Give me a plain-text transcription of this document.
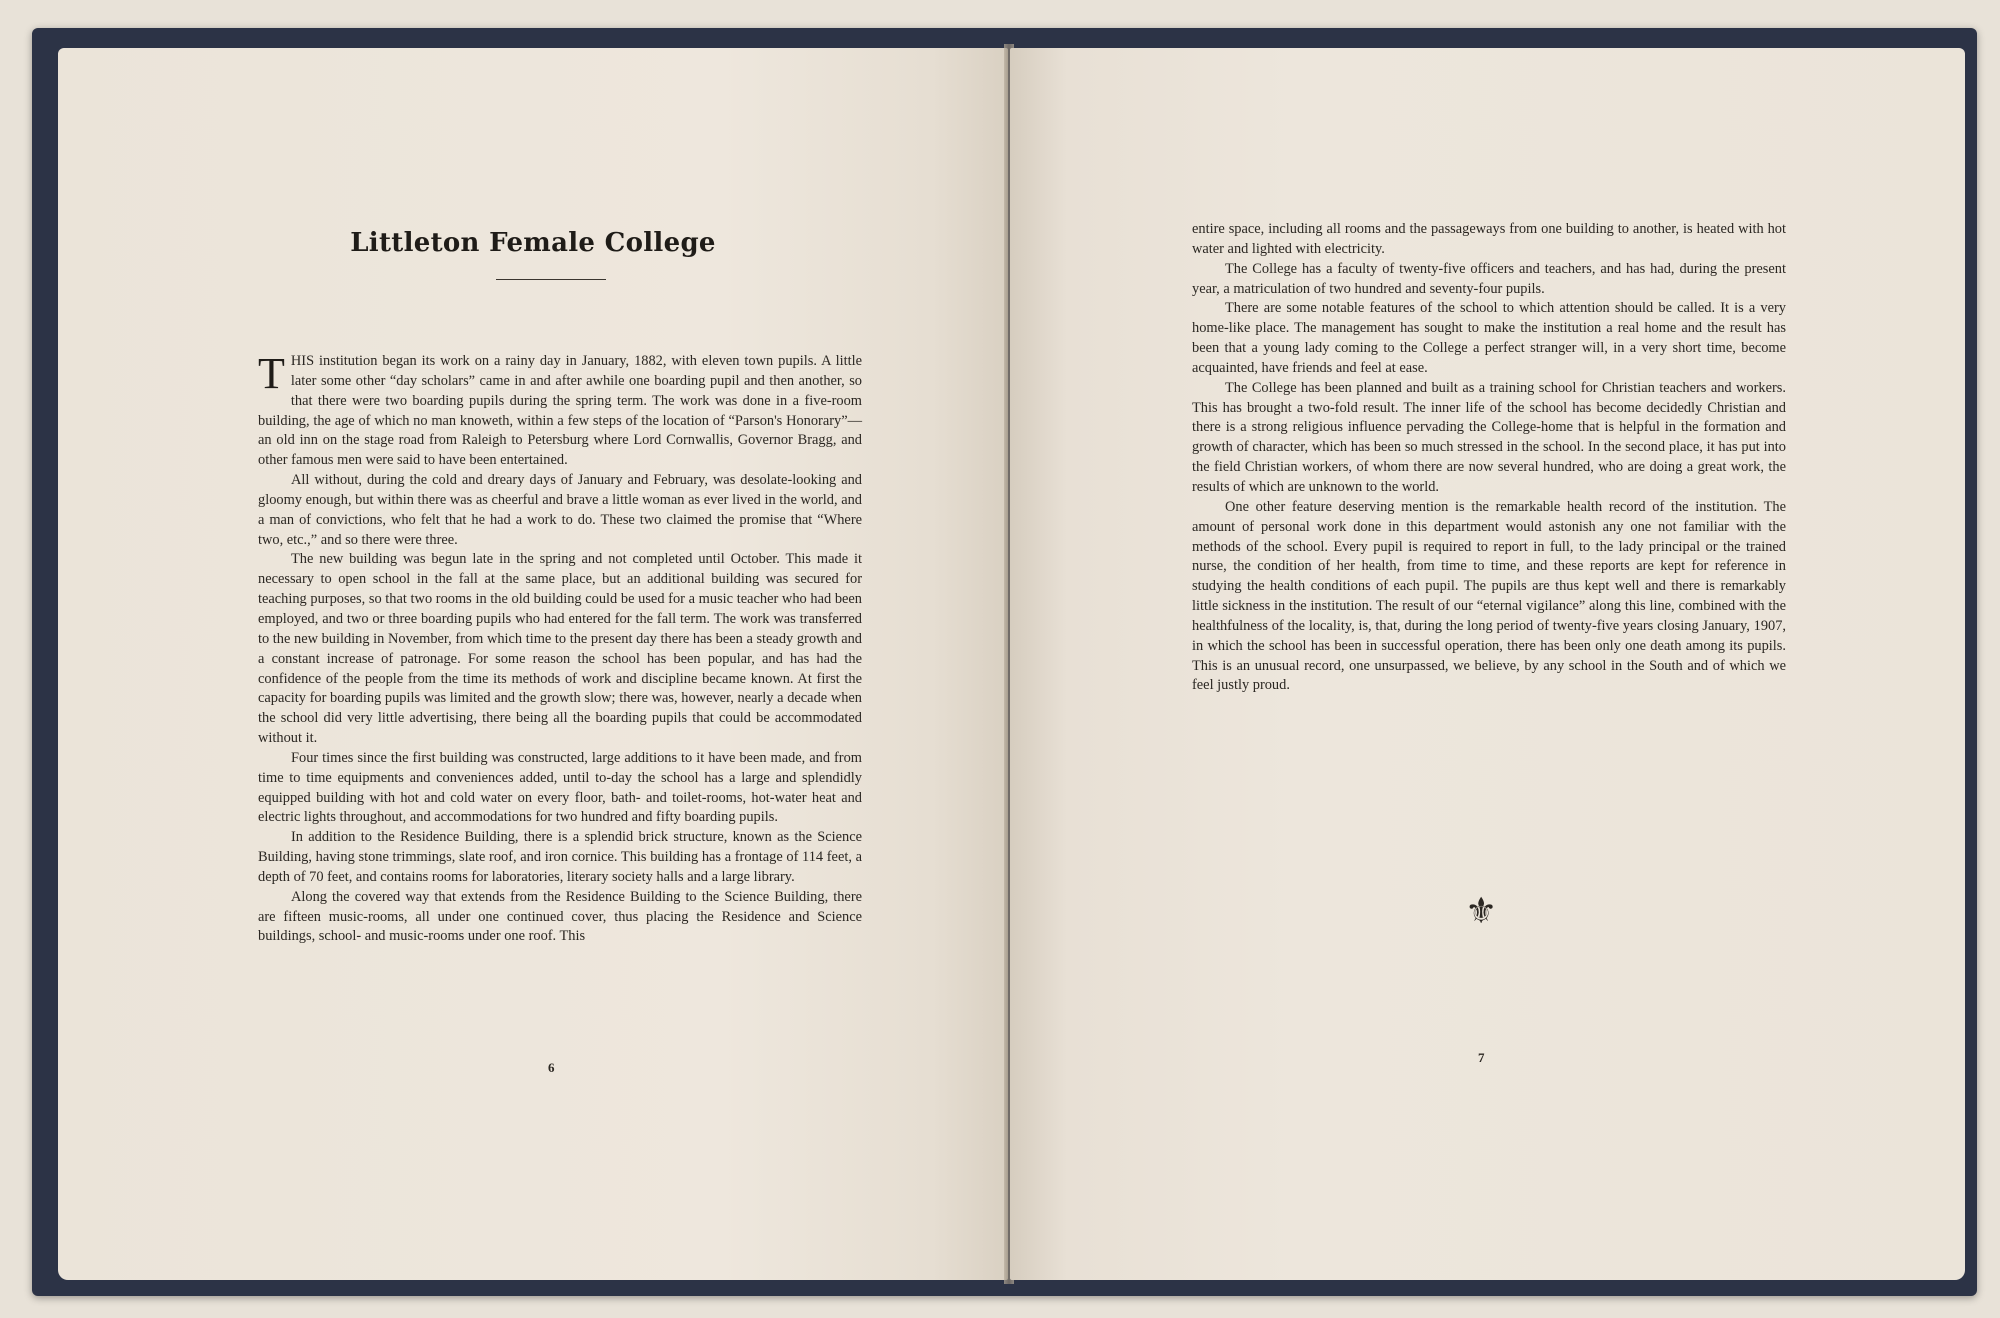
Littleton Female College

THIS institution began its work on a rainy day in January, 1882, with eleven town pupils. A little later some other “day scholars” came in and after awhile one boarding pupil and then another, so that there were two boarding pupils during the spring term. The work was done in a five-room building, the age of which no man knoweth, within a few steps of the location of “Parson's Honorary”—an old inn on the stage road from Raleigh to Petersburg where Lord Cornwallis, Governor Bragg, and other famous men were said to have been entertained.

All without, during the cold and dreary days of January and February, was desolate-looking and gloomy enough, but within there was as cheerful and brave a little woman as ever lived in the world, and a man of convictions, who felt that he had a work to do. These two claimed the promise that “Where two, etc.,” and so there were three.

The new building was begun late in the spring and not completed until October. This made it necessary to open school in the fall at the same place, but an additional building was secured for teaching purposes, so that two rooms in the old building could be used for a music teacher who had been employed, and two or three boarding pupils who had entered for the fall term. The work was transferred to the new building in November, from which time to the present day there has been a steady growth and a constant increase of patronage. For some reason the school has been popular, and has had the confidence of the people from the time its methods of work and discipline became known. At first the capacity for boarding pupils was limited and the growth slow; there was, however, nearly a decade when the school did very little advertising, there being all the boarding pupils that could be accommodated without it.

Four times since the first building was constructed, large additions to it have been made, and from time to time equipments and conveniences added, until to-day the school has a large and splendidly equipped building with hot and cold water on every floor, bath- and toilet-rooms, hot-water heat and electric lights throughout, and accommodations for two hundred and fifty boarding pupils.

In addition to the Residence Building, there is a splendid brick structure, known as the Science Building, having stone trimmings, slate roof, and iron cornice. This building has a frontage of 114 feet, a depth of 70 feet, and contains rooms for laboratories, literary society halls and a large library.

Along the covered way that extends from the Residence Building to the Science Building, there are fifteen music-rooms, all under one continued cover, thus placing the Residence and Science buildings, school- and music-rooms under one roof. This

6

entire space, including all rooms and the passageways from one building to another, is heated with hot water and lighted with electricity.

The College has a faculty of twenty-five officers and teachers, and has had, during the present year, a matriculation of two hundred and seventy-four pupils.

There are some notable features of the school to which attention should be called. It is a very home-like place. The management has sought to make the institution a real home and the result has been that a young lady coming to the College a perfect stranger will, in a very short time, become acquainted, have friends and feel at ease.

The College has been planned and built as a training school for Christian teachers and workers. This has brought a two-fold result. The inner life of the school has become decidedly Christian and there is a strong religious influence pervading the College-home that is helpful in the formation and growth of character, which has been so much stressed in the school. In the second place, it has put into the field Christian workers, of whom there are now several hundred, who are doing a great work, the results of which are unknown to the world.

One other feature deserving mention is the remarkable health record of the institution. The amount of personal work done in this department would astonish any one not familiar with the methods of the school. Every pupil is required to report in full, to the lady principal or the trained nurse, the condition of her health, from time to time, and these reports are kept for reference in studying the health conditions of each pupil. The pupils are thus kept well and there is remarkably little sickness in the institution. The result of our “eternal vigilance” along this line, combined with the healthfulness of the locality, is, that, during the long period of twenty-five years closing January, 1907, in which the school has been in successful operation, there has been only one death among its pupils. This is an unusual record, one unsurpassed, we believe, by any school in the South and of which we feel justly proud.

⚜
7
